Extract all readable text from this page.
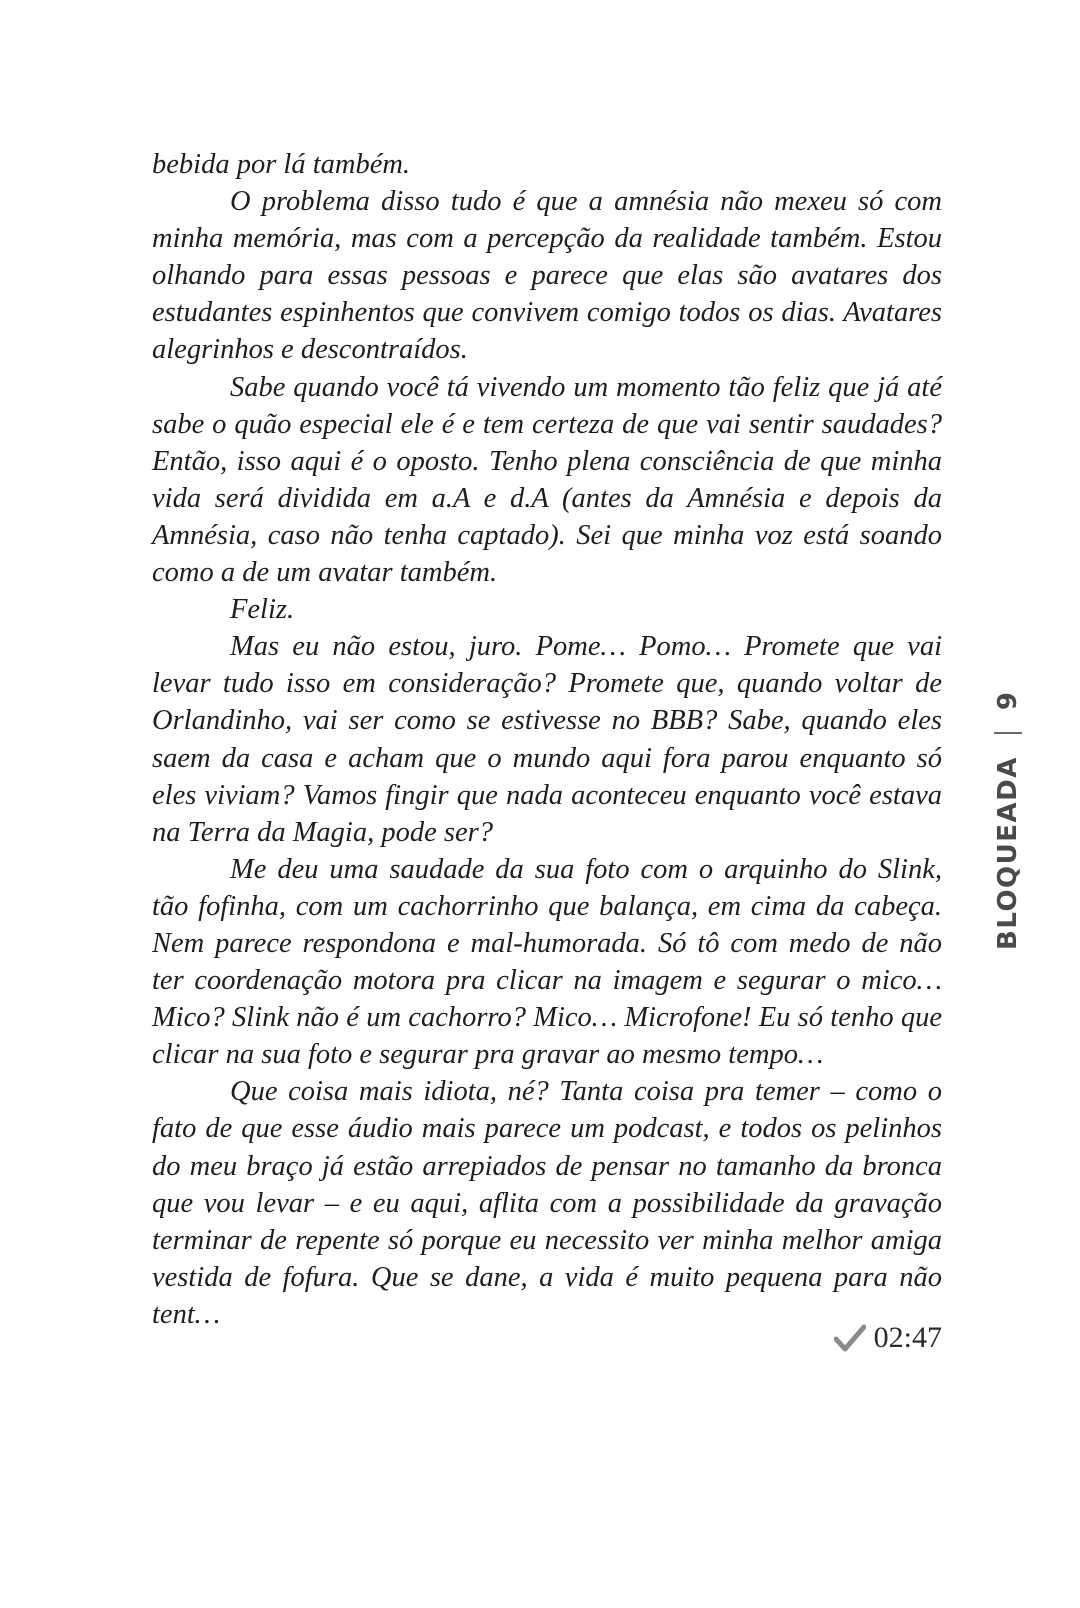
bebida por lá também.

O problema disso tudo é que a amnésia não mexeu só com minha memória, mas com a percepção da realidade também. Estou olhando para essas pessoas e parece que elas são avatares dos estudantes espinhentos que convivem comigo todos os dias. Avatares alegrinhos e descontraídos.

Sabe quando você tá vivendo um momento tão feliz que já até sabe o quão especial ele é e tem certeza de que vai sentir saudades? Então, isso aqui é o oposto. Tenho plena consciência de que minha vida será dividida em a.A e d.A (antes da Amnésia e depois da Amnésia, caso não tenha captado). Sei que minha voz está soando como a de um avatar também.

Feliz.

Mas eu não estou, juro. Pome… Pomo… Promete que vai levar tudo isso em consideração? Promete que, quando voltar de Orlandinho, vai ser como se estivesse no BBB? Sabe, quando eles saem da casa e acham que o mundo aqui fora parou enquanto só eles viviam? Vamos fingir que nada aconteceu enquanto você estava na Terra da Magia, pode ser?

Me deu uma saudade da sua foto com o arquinho do Slink, tão fofinha, com um cachorrinho que balança, em cima da cabeça. Nem parece respondona e mal-humorada. Só tô com medo de não ter coordenação motora pra clicar na imagem e segurar o mico… Mico? Slink não é um cachorro? Mico… Microfone! Eu só tenho que clicar na sua foto e segurar pra gravar ao mesmo tempo…

Que coisa mais idiota, né? Tanta coisa pra temer – como o fato de que esse áudio mais parece um podcast, e todos os pelinhos do meu braço já estão arrepiados de pensar no tamanho da bronca que vou levar – e eu aqui, aflita com a possibilidade da gravação terminar de repente só porque eu necessito ver minha melhor amiga vestida de fofura. Que se dane, a vida é muito pequena para não tent…

02:47
BLOQUEADA
9
